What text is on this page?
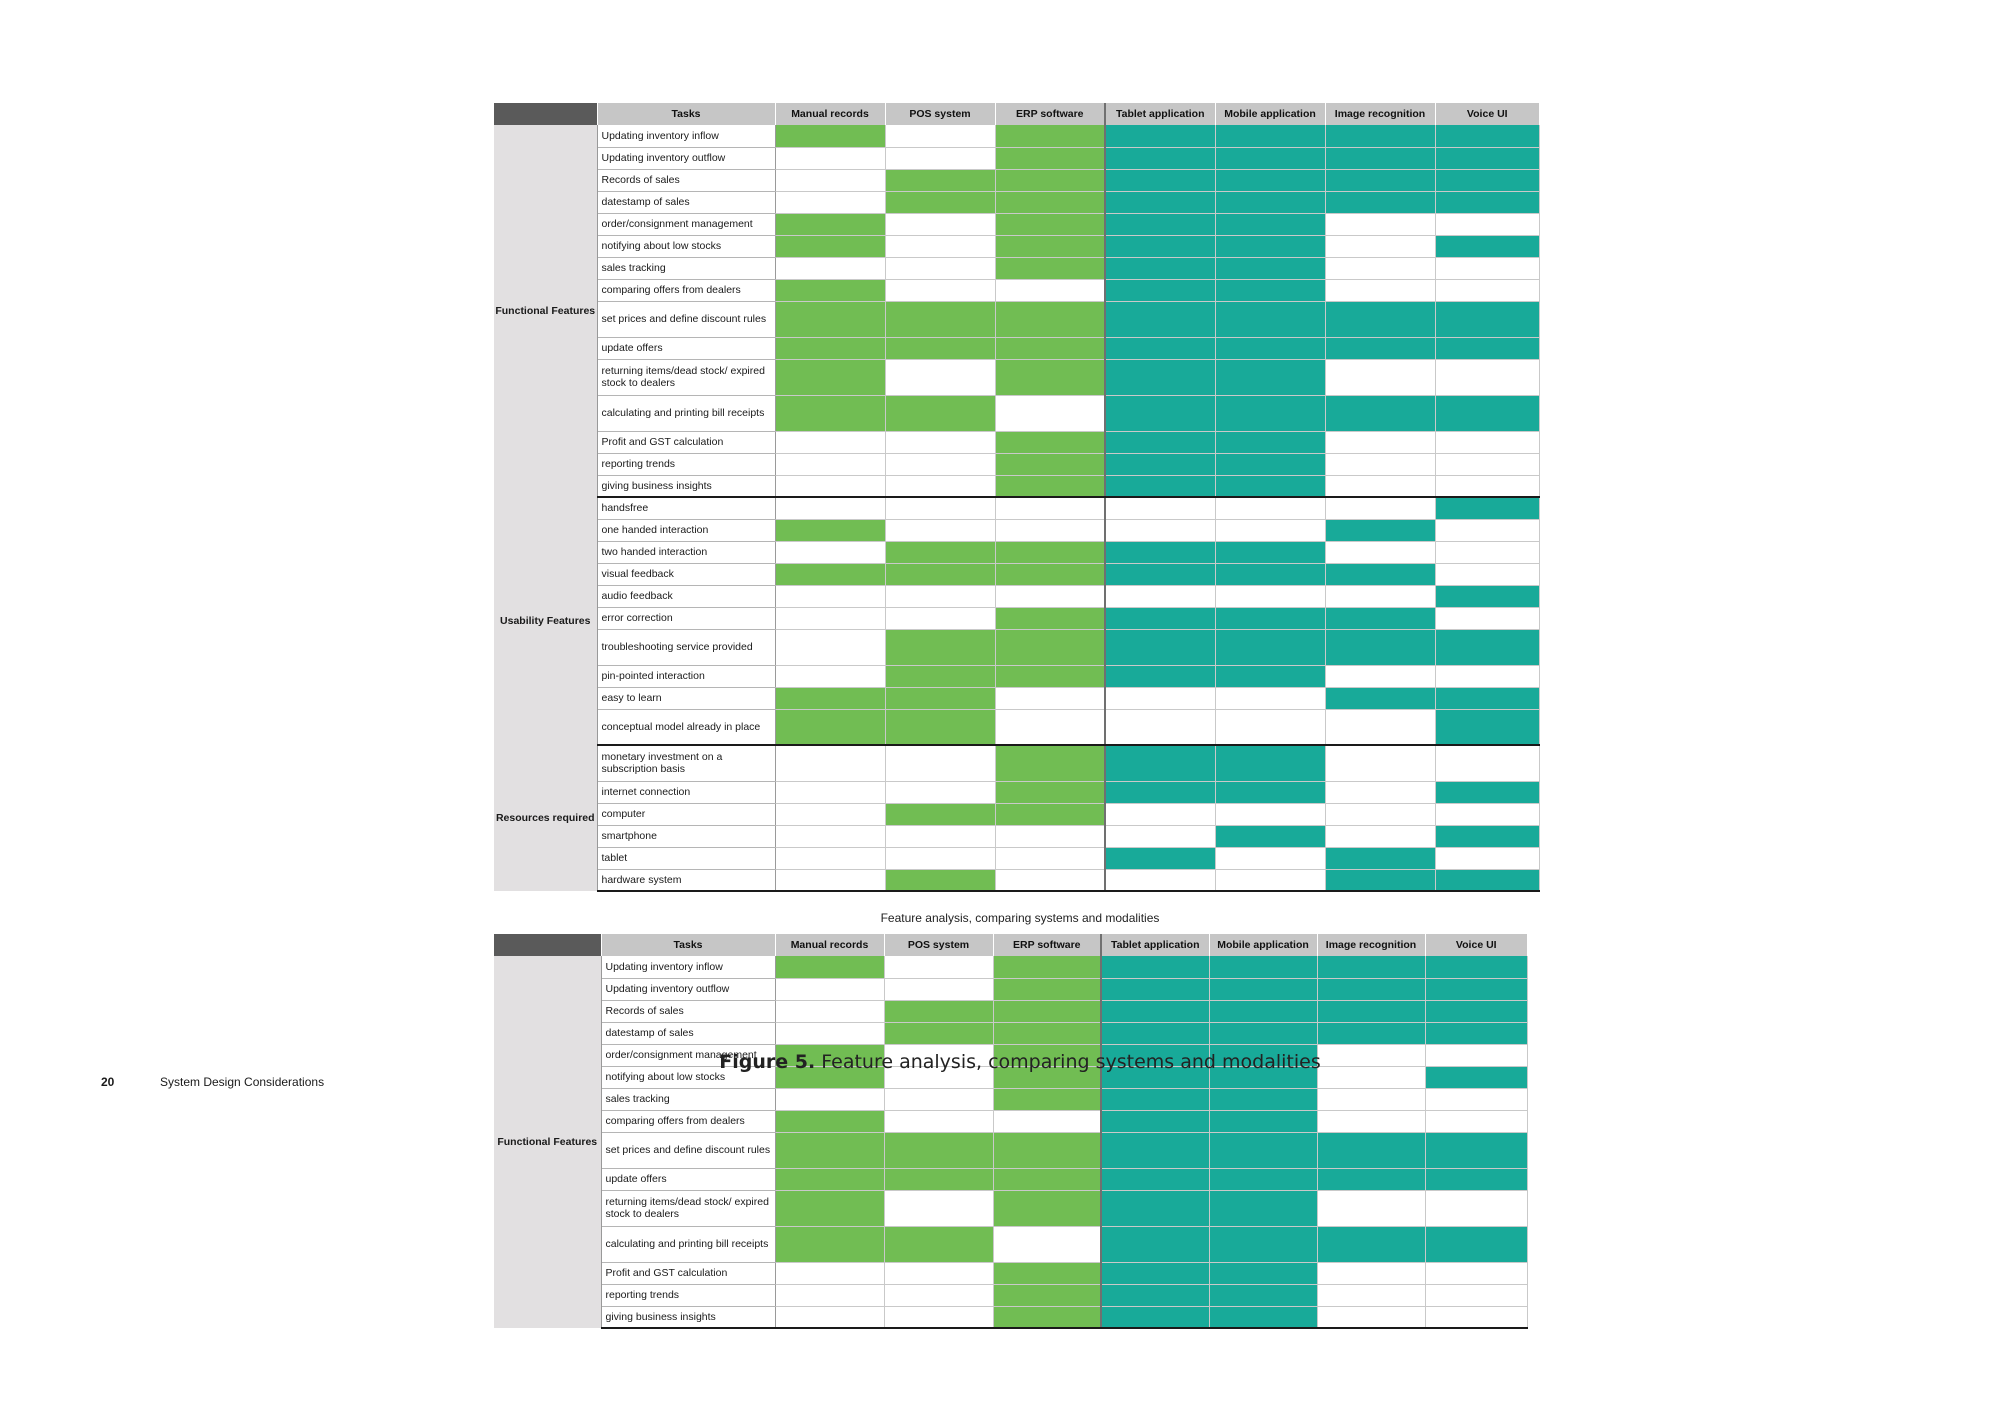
	Tasks	Manual records	POS system	ERP software	Tablet application	Mobile application	Image recognition	Voice UI
Functional Features	Updating inventory inflow							
	Updating inventory outflow							
	Records of sales							
	datestamp of sales							
	order/consignment management							
	notifying about low stocks							
	sales tracking							
	comparing offers from dealers							
	set prices and define discount rules							
	update offers							
	returning items/dead stock/ expired stock to dealers							
	calculating and printing bill receipts							
	Profit and GST calculation							
	reporting trends							
	giving business insights							
Usability Features	handsfree							
	one handed interaction							
	two handed interaction							
	visual feedback							
	audio feedback							
	error correction							
	troubleshooting service provided							
	pin-pointed interaction							
	easy to learn							
	conceptual model already in place							
Resources required	monetary investment on a subscription basis							
	internet connection							
	computer							
	smartphone							
	tablet							
	hardware system							
Feature analysis, comparing systems and modalities
	Tasks	Manual records	POS system	ERP software	Tablet application	Mobile application	Image recognition	Voice UI
Functional Features	Updating inventory inflow							
	Updating inventory outflow							
	Records of sales							
	datestamp of sales							
	order/consignment management							
	notifying about low stocks							
	sales tracking							
	comparing offers from dealers							
	set prices and define discount rules							
	update offers							
	returning items/dead stock/ expired stock to dealers							
	calculating and printing bill receipts							
	Profit and GST calculation							
	reporting trends							
	giving business insights							
Figure 5. Feature analysis, comparing systems and modalities
20	System Design Considerations
